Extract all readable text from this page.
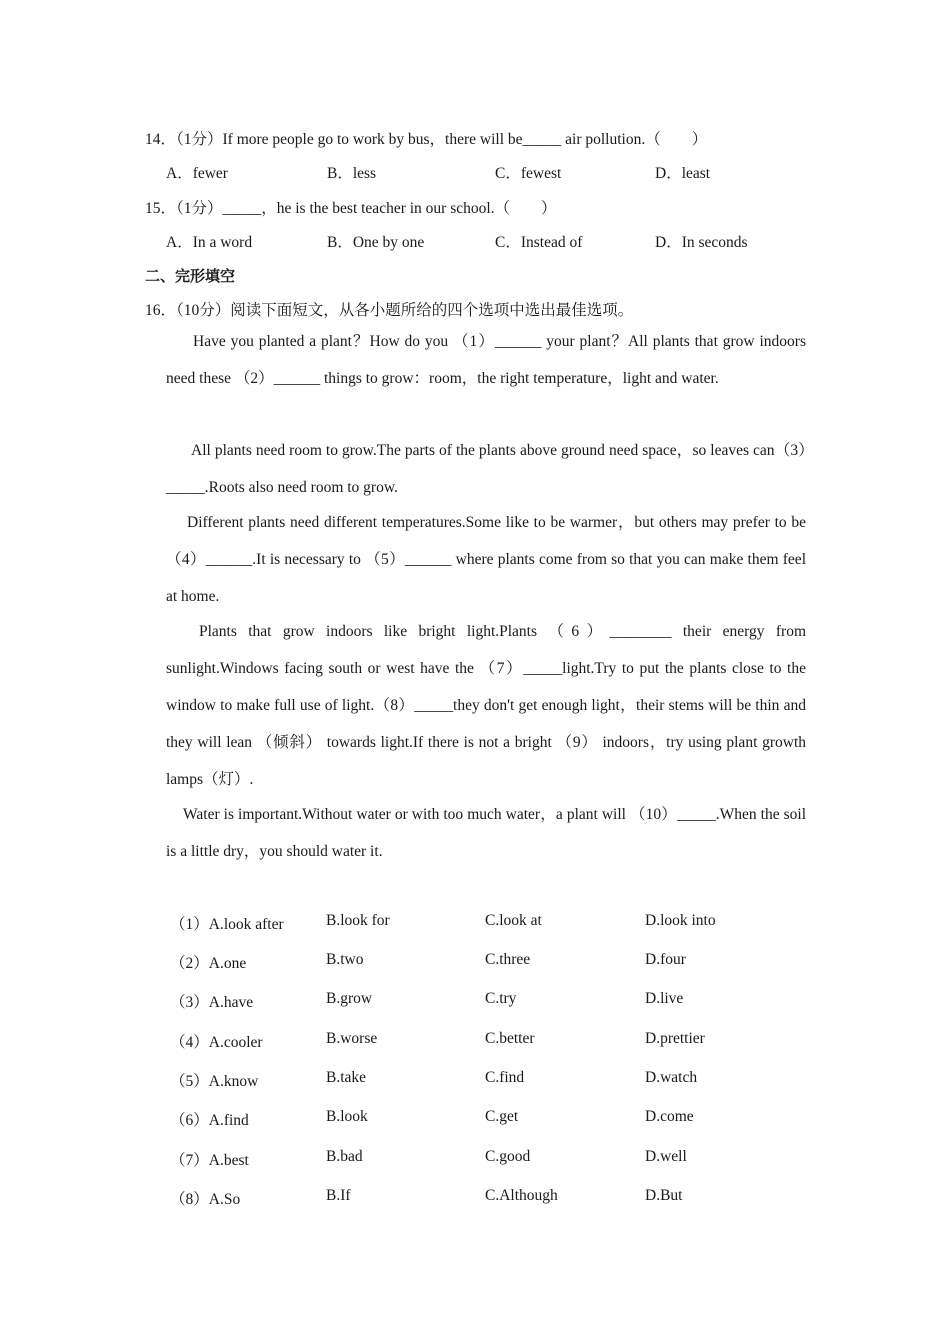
14．（1分）If more people go to work by bus，there will be_____ air pollution.（　　）
A．fewer	B．less	C．fewest	D．least
15．（1分）_____，he is the best teacher in our school.（　　）
A．In a word	B．One by one	C．Instead of	D．In seconds
二、完形填空
16．（10分）阅读下面短文，从各小题所给的四个选项中选出最佳选项。
Have you planted a plant？How do you （1）______ your plant？All plants that grow indoors need these （2）______ things to grow：room，the right temperature，light and water.
All plants need room to grow.The parts of the plants above ground need space，so leaves can（3）_____.Roots also need room to grow.
Different plants need different temperatures.Some like to be warmer，but others may prefer to be （4）______.It is necessary to （5）______ where plants come from so that you can make them feel at home.
Plants that grow indoors like bright light.Plants （6）________ their energy from sunlight.Windows facing south or west have the （7）_____light.Try to put the plants close to the window to make full use of light.（8）_____they don't get enough light，their stems will be thin and they will lean （倾斜） towards light.If there is not a bright （9） indoors，try using plant growth lamps（灯）.
Water is important.Without water or with too much water，a plant will （10）_____.When the soil is a little dry，you should water it.
（1）A.look after	B.look for	C.look at	D.look into
（2）A.one	B.two	C.three	D.four
（3）A.have	B.grow	C.try	D.live
（4）A.cooler	B.worse	C.better	D.prettier
（5）A.know	B.take	C.find	D.watch
（6）A.find	B.look	C.get	D.come
（7）A.best	B.bad	C.good	D.well
（8）A.So	B.If	C.Although	D.But
